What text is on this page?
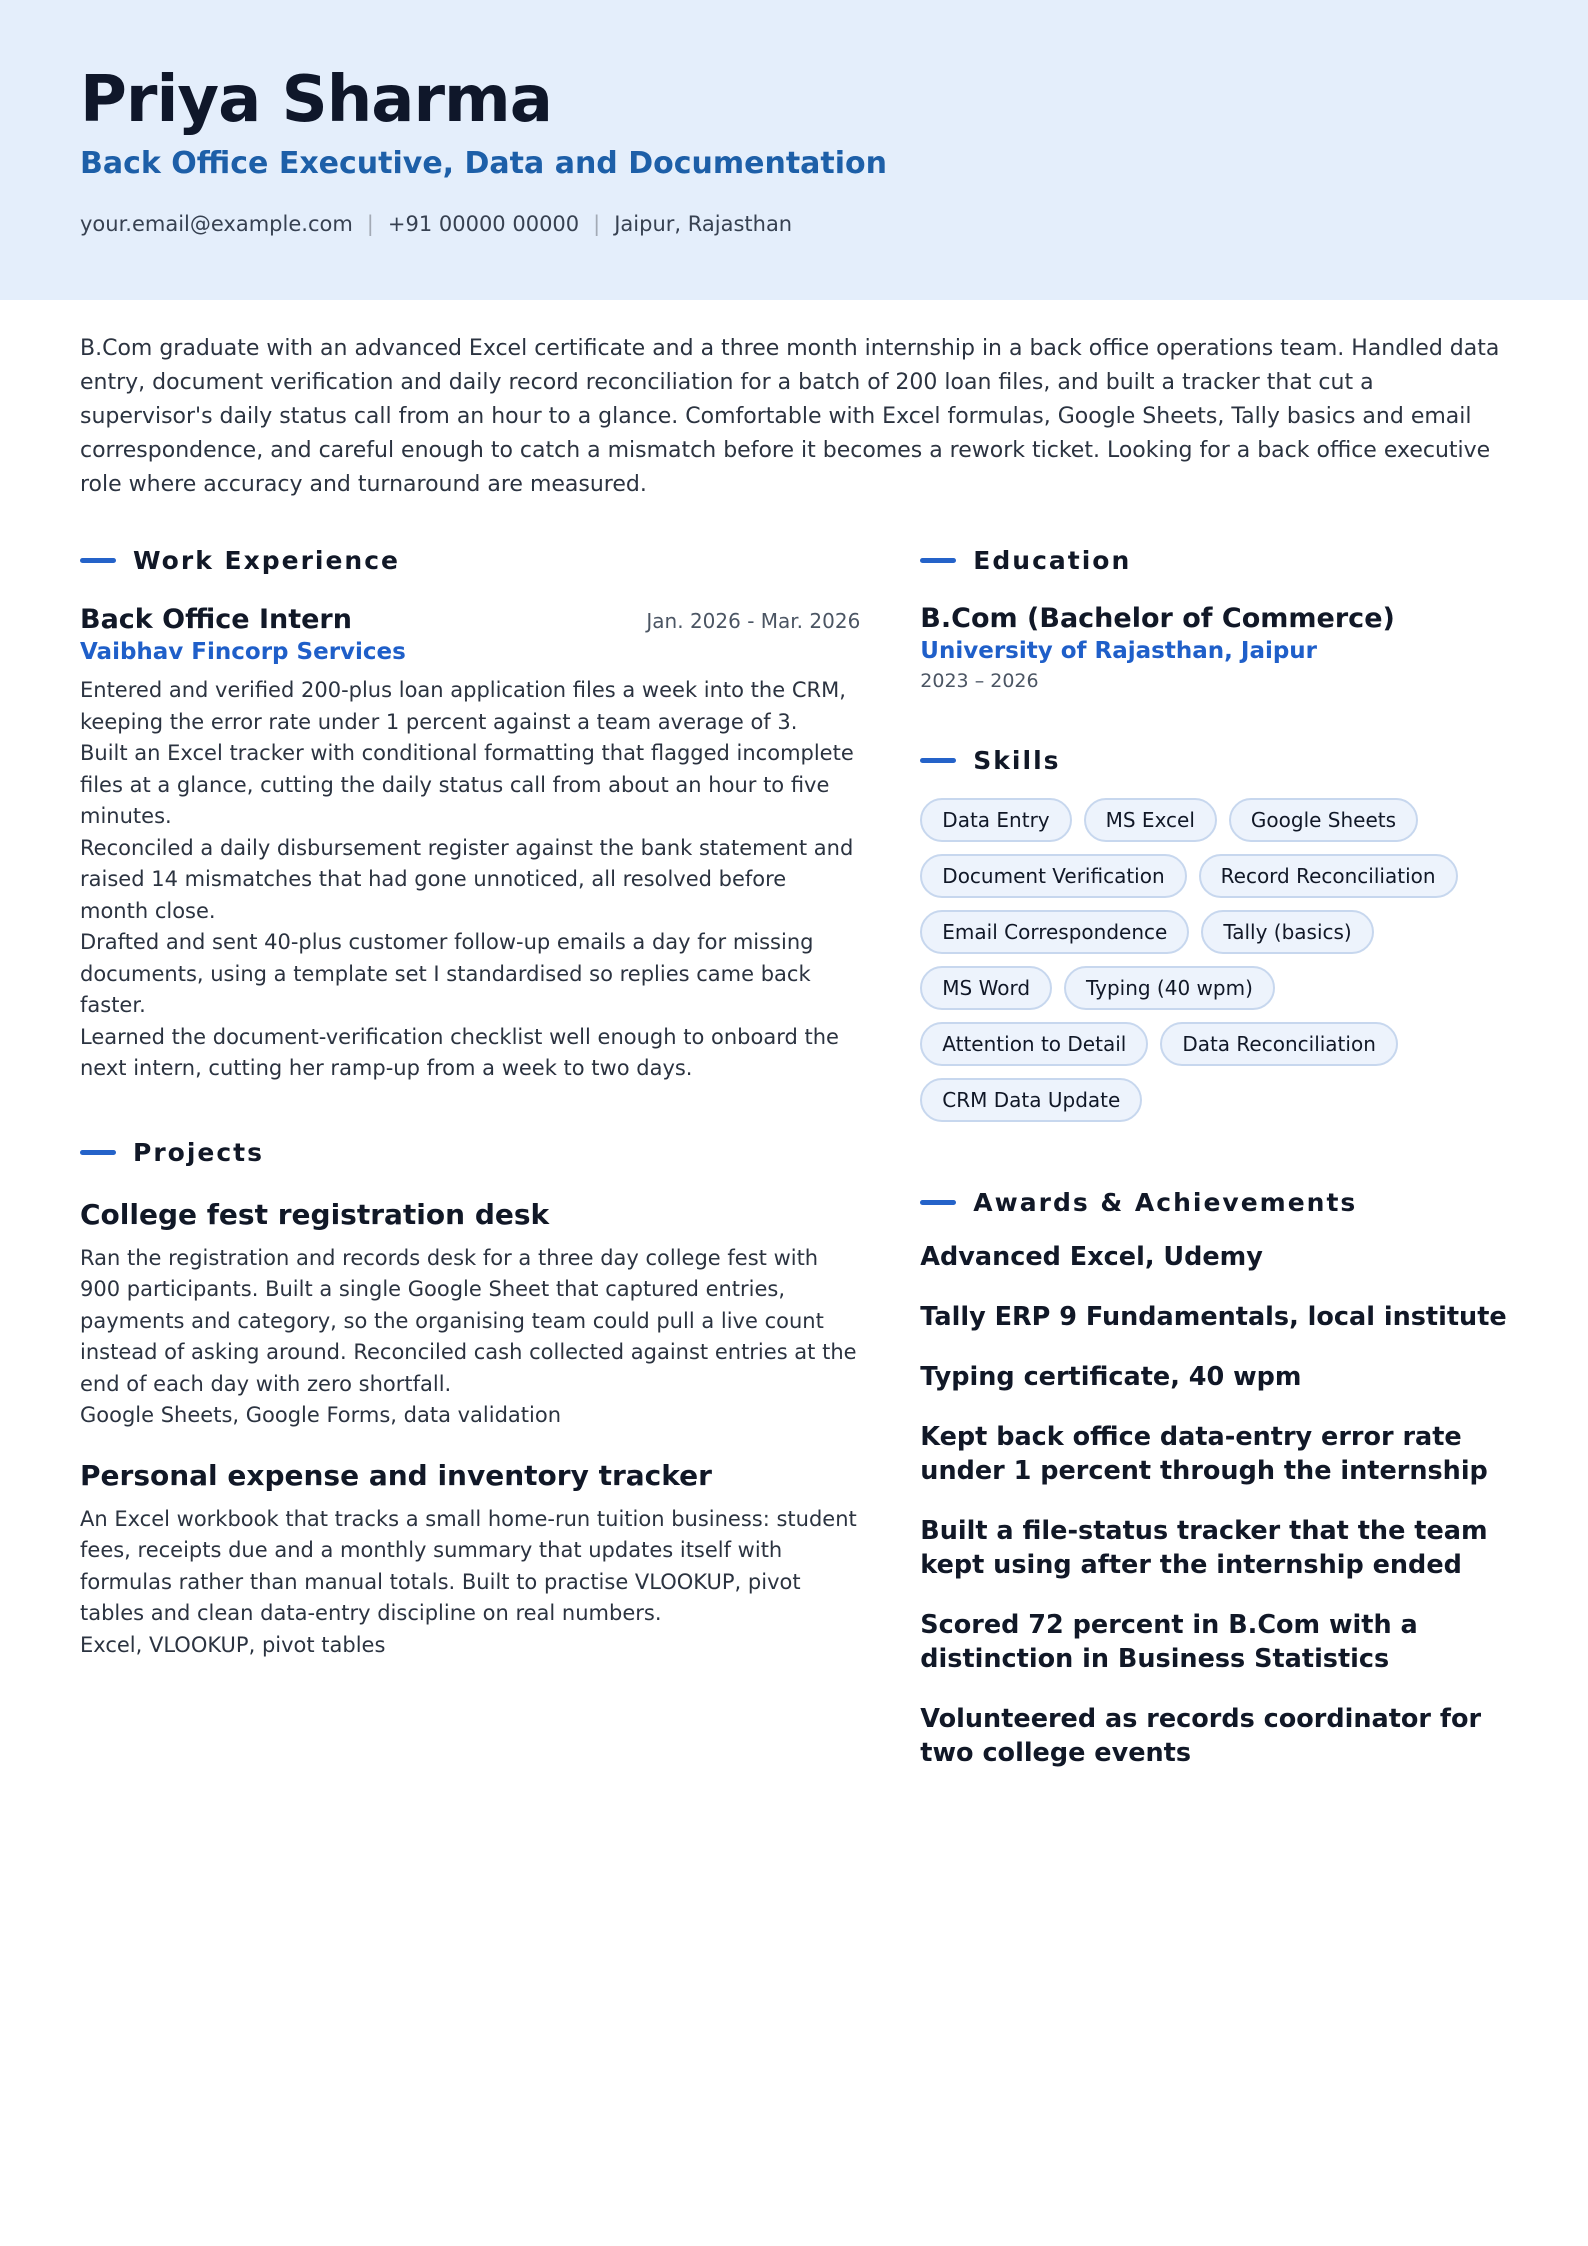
Priya Sharma
Back Office Executive, Data and Documentation
your.email@example.com | +91 00000 00000 | Jaipur, Rajasthan
B.Com graduate with an advanced Excel certificate and a three month internship in a back office operations team. Handled data entry, document verification and daily record reconciliation for a batch of 200 loan files, and built a tracker that cut a supervisor's daily status call from an hour to a glance. Comfortable with Excel formulas, Google Sheets, Tally basics and email correspondence, and careful enough to catch a mismatch before it becomes a rework ticket. Looking for a back office executive role where accuracy and turnaround are measured.
Work Experience
Back Office Intern	Jan. 2026 - Mar. 2026
Vaibhav Fincorp Services
Entered and verified 200-plus loan application files a week into the CRM, keeping the error rate under 1 percent against a team average of 3.
Built an Excel tracker with conditional formatting that flagged incomplete files at a glance, cutting the daily status call from about an hour to five minutes.
Reconciled a daily disbursement register against the bank statement and raised 14 mismatches that had gone unnoticed, all resolved before month close.
Drafted and sent 40-plus customer follow-up emails a day for missing documents, using a template set I standardised so replies came back faster.
Learned the document-verification checklist well enough to onboard the next intern, cutting her ramp-up from a week to two days.
Projects
College fest registration desk
Ran the registration and records desk for a three day college fest with 900 participants. Built a single Google Sheet that captured entries, payments and category, so the organising team could pull a live count instead of asking around. Reconciled cash collected against entries at the end of each day with zero shortfall.
Google Sheets, Google Forms, data validation
Personal expense and inventory tracker
An Excel workbook that tracks a small home-run tuition business: student fees, receipts due and a monthly summary that updates itself with formulas rather than manual totals. Built to practise VLOOKUP, pivot tables and clean data-entry discipline on real numbers.
Excel, VLOOKUP, pivot tables
Education
B.Com (Bachelor of Commerce)
University of Rajasthan, Jaipur
2023 – 2026
Skills
Data Entry	MS Excel	Google Sheets
Document Verification	Record Reconciliation
Email Correspondence	Tally (basics)
MS Word	Typing (40 wpm)
Attention to Detail	Data Reconciliation
CRM Data Update
Awards & Achievements
Advanced Excel, Udemy
Tally ERP 9 Fundamentals, local institute
Typing certificate, 40 wpm
Kept back office data-entry error rate under 1 percent through the internship
Built a file-status tracker that the team kept using after the internship ended
Scored 72 percent in B.Com with a distinction in Business Statistics
Volunteered as records coordinator for two college events
